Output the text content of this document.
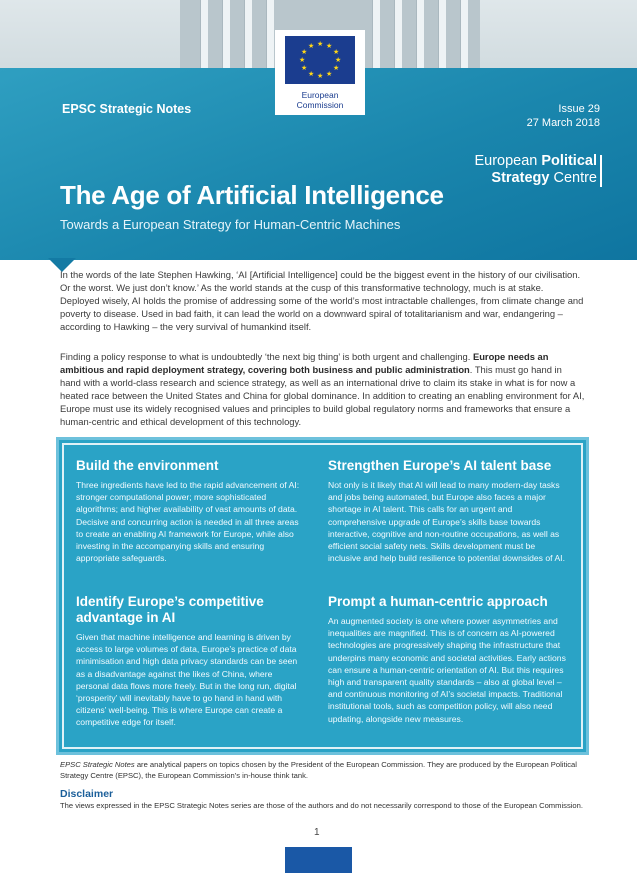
★ ★
★
★
★
★
★
★
★
★
★
★
European
Commission
EPSC Strategic Notes	Issue 29
27 March 2018
European Political
Strategy Centre
The Age of Artificial Intelligence
Towards a European Strategy for Human-Centric Machines
In the words of the late Stephen Hawking, ‘AI [Artificial Intelligence] could be the biggest event in the history of our civilisation. Or the worst. We just don’t know.’ As the world stands at the cusp of this transformative technology, much is at stake. Deployed wisely, AI holds the promise of addressing some of the world’s most intractable challenges, from climate change and poverty to disease. Used in bad faith, it can lead the world on a downward spiral of totalitarianism and war, endangering – according to Hawking – the very survival of humankind itself.
Finding a policy response to what is undoubtedly ‘the next big thing’ is both urgent and challenging. Europe needs an ambitious and rapid deployment strategy, covering both business and public administration. This must go hand in hand with a world-class research and science strategy, as well as an international drive to claim its stake in what is for now a heated race between the United States and China for global dominance. In addition to creating an enabling environment for AI, Europe must use its widely recognised values and principles to build global regulatory norms and frameworks that ensure a human-centric and ethical development of this technology.
Build the environment

Three ingredients have led to the rapid advancement of AI: stronger computational power; more sophisticated algorithms; and higher availability of vast amounts of data. Decisive and concurring action is needed in all three areas to create an enabling AI framework for Europe, while also investing in the accompanying skills and ensuring appropriate safeguards.

Identify Europe’s competitive advantage in AI

Given that machine intelligence and learning is driven by access to large volumes of data, Europe’s practice of data minimisation and high data privacy standards can be seen as a disadvantage against the likes of China, where personal data flows more freely. But in the long run, digital ‘prosperity’ will inevitably have to go hand in hand with citizens’ well-being. This is where Europe can create a competitive edge for itself.

Strengthen Europe’s AI talent base

Not only is it likely that AI will lead to many modern-day tasks and jobs being automated, but Europe also faces a major shortage in AI talent. This calls for an urgent and comprehensive upgrade of Europe’s skills base towards interactive, cognitive and non-routine occupations, as well as efficient social safety nets. Skills development must be inclusive and help build resilience to potential downsides of AI.

Prompt a human-centric approach

An augmented society is one where power asymmetries and inequalities are magnified. This is of concern as AI-powered technologies are progressively shaping the infrastructure that underpins many economic and societal activities. Early actions can ensure a human-centric orientation of AI. But this requires high and transparent quality standards – also at global level – and continuous monitoring of AI’s societal impacts. Traditional institutional tools, such as competition policy, will also need updating, alongside new measures.

EPSC Strategic Notes are analytical papers on topics chosen by the President of the European Commission. They are produced by the European Political Strategy Centre (EPSC), the European Commission’s in-house think tank.
Disclaimer
The views expressed in the EPSC Strategic Notes series are those of the authors and do not necessarily correspond to those of the European Commission.
1
